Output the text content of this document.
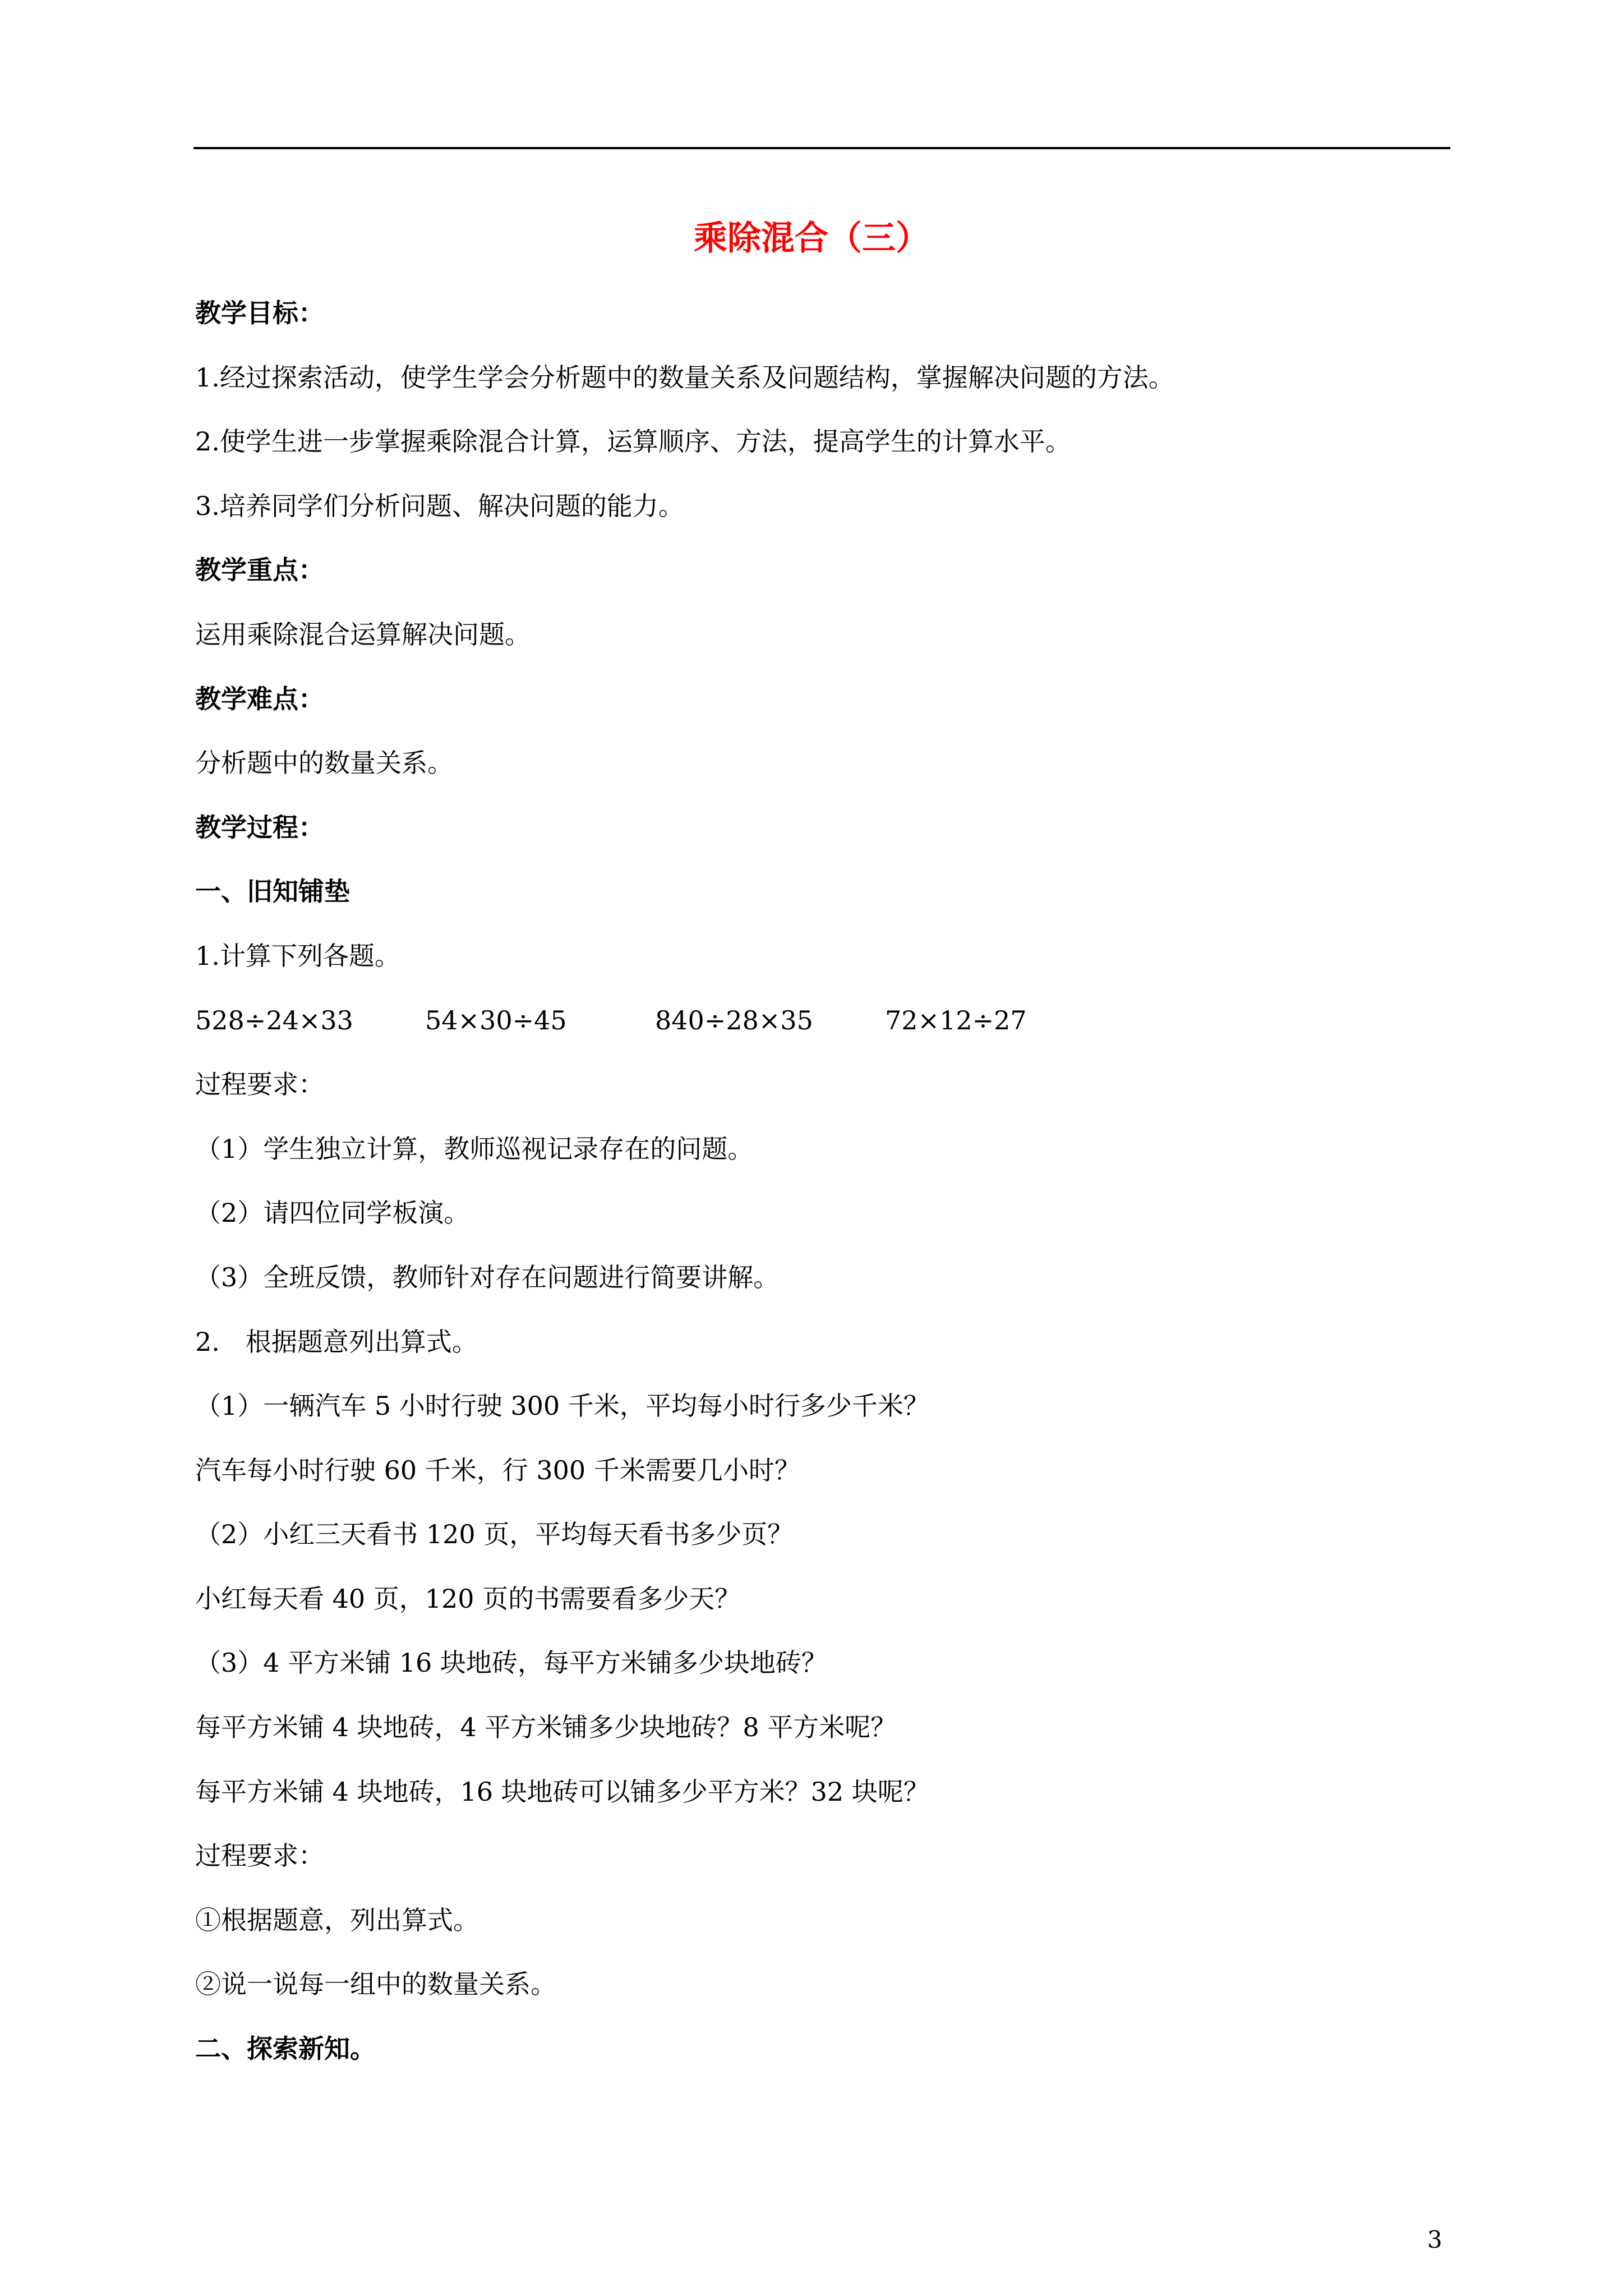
乘除混合（三）
教学目标：
1.经过探索活动，使学生学会分析题中的数量关系及问题结构，掌握解决问题的方法。
2.使学生进一步掌握乘除混合计算，运算顺序、方法，提高学生的计算水平。
3.培养同学们分析问题、解决问题的能力。
教学重点：
运用乘除混合运算解决问题。
教学难点：
分析题中的数量关系。
教学过程：
一、旧知铺垫
1.计算下列各题。
528÷24×33	54×30÷45	840÷28×35	72×12÷27
过程要求：
（1）学生独立计算，教师巡视记录存在的问题。
（2）请四位同学板演。
（3）全班反馈，教师针对存在问题进行简要讲解。
2.　根据题意列出算式。
（1）一辆汽车 5 小时行驶 300 千米，平均每小时行多少千米？
汽车每小时行驶 60 千米，行 300 千米需要几小时？
（2）小红三天看书 120 页，平均每天看书多少页？
小红每天看 40 页，120 页的书需要看多少天？
（3）4 平方米铺 16 块地砖，每平方米铺多少块地砖？
每平方米铺 4 块地砖，4 平方米铺多少块地砖？8 平方米呢？
每平方米铺 4 块地砖，16 块地砖可以铺多少平方米？32 块呢？
过程要求：
①根据题意，列出算式。
②说一说每一组中的数量关系。
二、探索新知。
3
